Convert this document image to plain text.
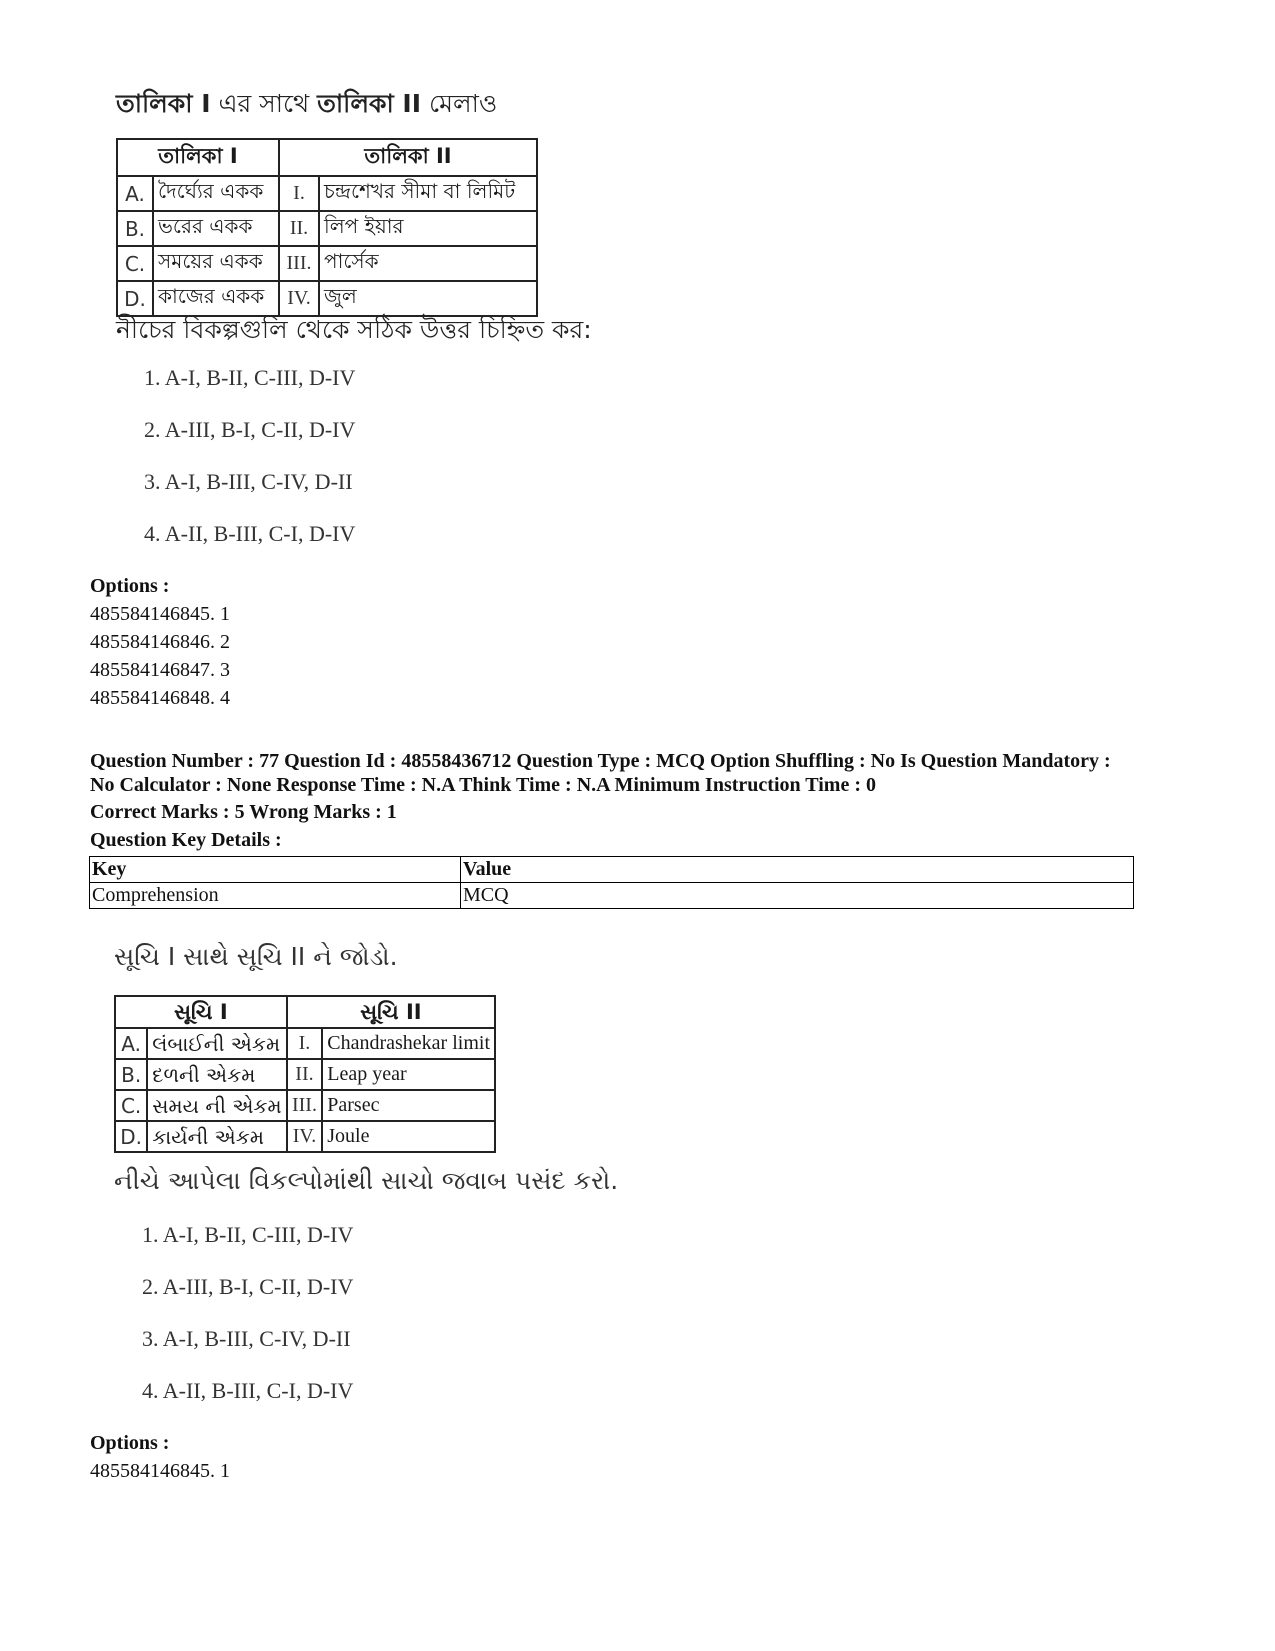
তালিকা I এর সাথে তালিকা II মেলাও
তালিকা I		তালিকা II	
A.	দৈর্ঘ্যের একক	I.	চন্দ্রশেখর সীমা বা লিমিট
B.	ভরের একক	II.	লিপ ইয়ার
C.	সময়ের একক	III.	পার্সেক
D.	কাজের একক	IV.	জুল
নীচের বিকল্পগুলি থেকে সঠিক উত্তর চিহ্নিত কর:
1. A-I, B-II, C-III, D-IV
2. A-III, B-I, C-II, D-IV
3. A-I, B-III, C-IV, D-II
4. A-II, B-III, C-I, D-IV
Options :
485584146845. 1
485584146846. 2
485584146847. 3
485584146848. 4
Question Number : 77 Question Id : 48558436712 Question Type : MCQ Option Shuffling : No Is Question Mandatory :
No Calculator : None Response Time : N.A Think Time : N.A Minimum Instruction Time : 0
Correct Marks : 5 Wrong Marks : 1
Question Key Details :
Key	Value
Comprehension	MCQ
સૂચિ I સાથે સૂચિ II ને જોડો.
સૂચિ I		સૂચિ II	
A.	લંબાઈની એકમ	I.	Chandrashekar limit
B.	દળની એકમ	II.	Leap year
C.	સમય ની એકમ	III.	Parsec
D.	કાર્યની એકમ	IV.	Joule
નીચે આપેલા વિકલ્પોમાંથી સાચો જવાબ પસંદ કરો.
1. A-I, B-II, C-III, D-IV
2. A-III, B-I, C-II, D-IV
3. A-I, B-III, C-IV, D-II
4. A-II, B-III, C-I, D-IV
Options :
485584146845. 1
